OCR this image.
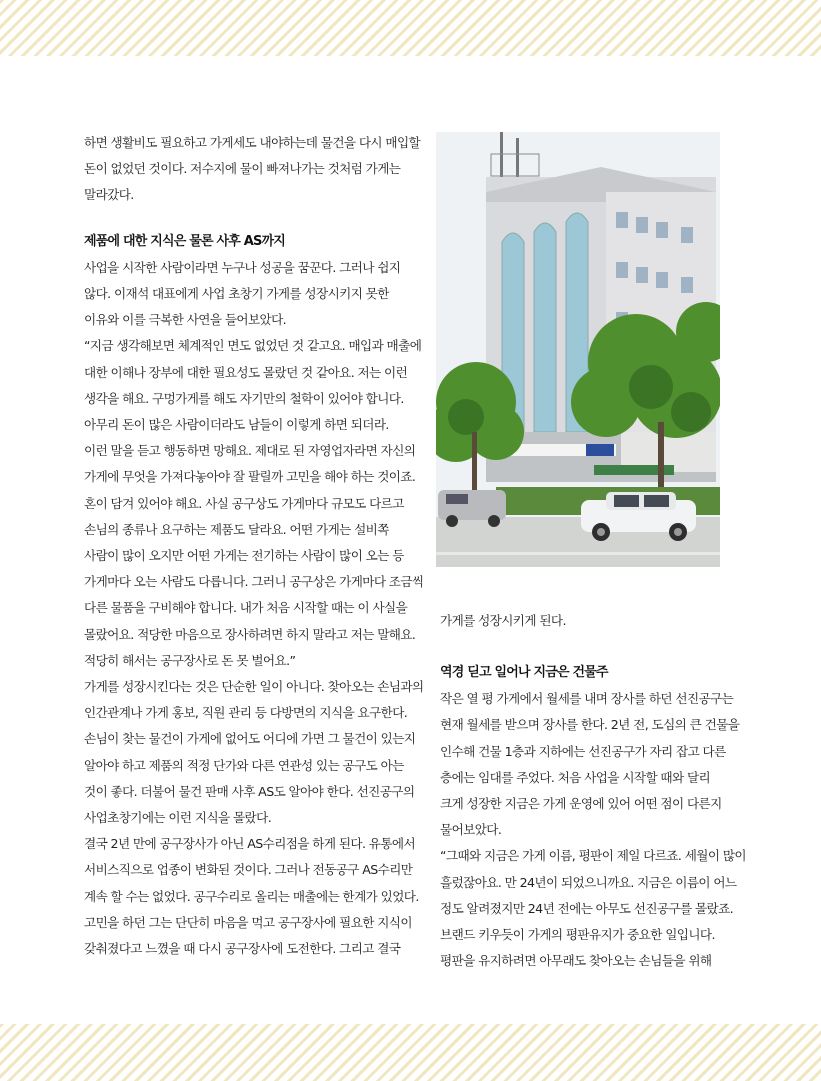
하면 생활비도 필요하고 가게세도 내야하는데 물건을 다시 매입할

돈이 없었던 것이다. 저수지에 물이 빠져나가는 것처럼 가게는

말라갔다.

제품에 대한 지식은 물론 사후 AS까지

사업을 시작한 사람이라면 누구나 성공을 꿈꾼다. 그러나 쉽지

않다. 이재석 대표에게 사업 초창기 가게를 성장시키지 못한

이유와 이를 극복한 사연을 들어보았다.

“지금 생각해보면 체계적인 면도 없었던 것 같고요. 매입과 매출에

대한 이해나 장부에 대한 필요성도 몰랐던 것 같아요. 저는 이런

생각을 해요. 구멍가게를 해도 자기만의 철학이 있어야 합니다.

아무리 돈이 많은 사람이더라도 남들이 이렇게 하면 되더라.

이런 말을 듣고 행동하면 망해요. 제대로 된 자영업자라면 자신의

가게에 무엇을 가져다놓아야 잘 팔릴까 고민을 해야 하는 것이죠.

혼이 담겨 있어야 해요. 사실 공구상도 가게마다 규모도 다르고

손님의 종류나 요구하는 제품도 달라요. 어떤 가게는 설비쪽

사람이 많이 오지만 어떤 가게는 전기하는 사람이 많이 오는 등

가게마다 오는 사람도 다릅니다. 그러니 공구상은 가게마다 조금씩

다른 물품을 구비해야 합니다. 내가 처음 시작할 때는 이 사실을

몰랐어요. 적당한 마음으로 장사하려면 하지 말라고 저는 말해요.

적당히 해서는 공구장사로 돈 못 벌어요.”

가게를 성장시킨다는 것은 단순한 일이 아니다. 찾아오는 손님과의

인간관계나 가게 홍보, 직원 관리 등 다방면의 지식을 요구한다.

손님이 찾는 물건이 가게에 없어도 어디에 가면 그 물건이 있는지

알아야 하고 제품의 적정 단가와 다른 연관성 있는 공구도 아는

것이 좋다. 더불어 물건 판매 사후 AS도 알아야 한다. 선진공구의

사업초창기에는 이런 지식을 몰랐다.

결국 2년 만에 공구장사가 아닌 AS수리점을 하게 된다. 유통에서

서비스직으로 업종이 변화된 것이다. 그러나 전동공구 AS수리만

계속 할 수는 없었다. 공구수리로 올리는 매출에는 한계가 있었다.

고민을 하던 그는 단단히 마음을 먹고 공구장사에 필요한 지식이

갖춰졌다고 느꼈을 때 다시 공구장사에 도전한다. 그리고 결국

가게를 성장시키게 된다.

역경 딛고 일어나 지금은 건물주

작은 열 평 가게에서 월세를 내며 장사를 하던 선진공구는

현재 월세를 받으며 장사를 한다. 2년 전, 도심의 큰 건물을

인수해 건물 1층과 지하에는 선진공구가 자리 잡고 다른

층에는 임대를 주었다. 처음 사업을 시작할 때와 달리

크게 성장한 지금은 가게 운영에 있어 어떤 점이 다른지

물어보았다.

“그때와 지금은 가게 이름, 평판이 제일 다르죠. 세월이 많이

흘렀잖아요. 만 24년이 되었으니까요. 지금은 이름이 어느

정도 알려졌지만 24년 전에는 아무도 선진공구를 몰랐죠.

브랜드 키우듯이 가게의 평판유지가 중요한 일입니다.

평판을 유지하려면 아무래도 찾아오는 손님들을 위해
